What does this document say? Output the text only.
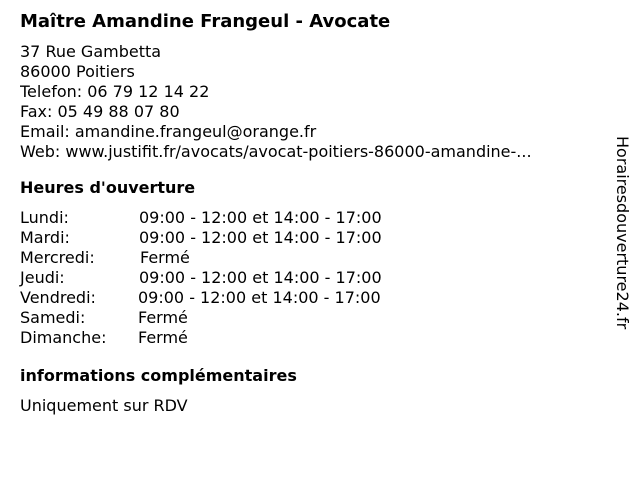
Maître Amandine Frangeul - Avocate
37 Rue Gambetta
86000 Poitiers
Telefon: 06 79 12 14 22
Fax: 05 49 88 07 80
Email: amandine.frangeul@orange.fr
Web: www.justifit.fr/avocats/avocat-poitiers-86000-amandine-...
Heures d'ouverture
Lundi:	09:00 - 12:00 et 14:00 - 17:00
Mardi:	09:00 - 12:00 et 14:00 - 17:00
Mercredi:	Fermé
Jeudi:	09:00 - 12:00 et 14:00 - 17:00
Vendredi:	09:00 - 12:00 et 14:00 - 17:00
Samedi:	Fermé
Dimanche: Fermé
informations complémentaires
Uniquement sur RDV
Horairesdouverture24.fr
